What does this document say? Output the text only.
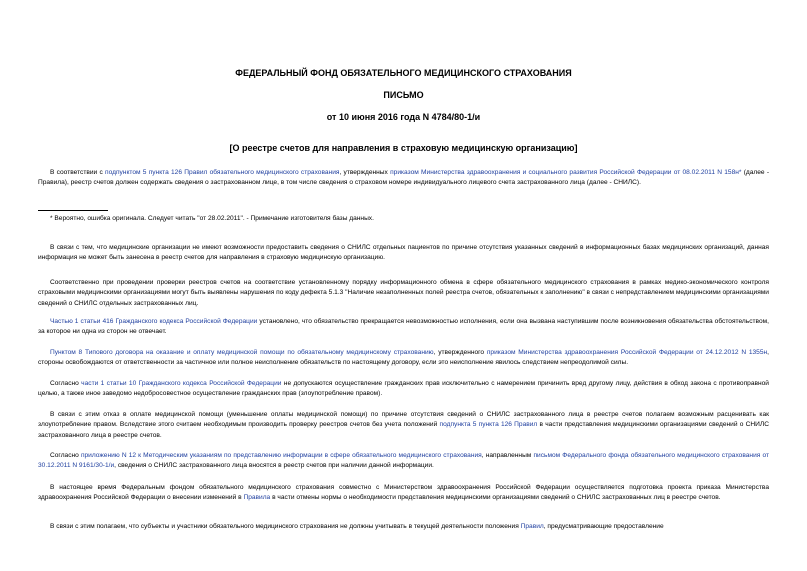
ФЕДЕРАЛЬНЫЙ ФОНД ОБЯЗАТЕЛЬНОГО МЕДИЦИНСКОГО СТРАХОВАНИЯ
ПИСЬМО
от 10 июня 2016 года N 4784/80-1/и
[О реестре счетов для направления в страховую медицинскую организацию]
В соответствии с подпунктом 5 пункта 126 Правил обязательного медицинского страхования, утвержденных приказом Министерства здравоохранения и социального развития Российской Федерации от 08.02.2011 N 158н* (далее - Правила), реестр счетов должен содержать сведения о застрахованном лице, в том числе сведения о страховом номере индивидуального лицевого счета застрахованного лица (далее - СНИЛС).
* Вероятно, ошибка оригинала. Следует читать "от 28.02.2011". - Примечание изготовителя базы данных.
В связи с тем, что медицинские организации не имеют возможности предоставить сведения о СНИЛС отдельных пациентов по причине отсутствия указанных сведений в информационных базах медицинских организаций, данная информация не может быть занесена в реестр счетов для направления в страховую медицинскую организацию.
Соответственно при проведении проверки реестров счетов на соответствие установленному порядку информационного обмена в сфере обязательного медицинского страхования в рамках медико-экономического контроля страховыми медицинскими организациями могут быть выявлены нарушения по коду дефекта 5.1.3 "Наличие незаполненных полей реестра счетов, обязательных к заполнению" в связи с непредставлением медицинскими организациями сведений о СНИЛС отдельных застрахованных лиц.
Частью 1 статьи 416 Гражданского кодекса Российской Федерации установлено, что обязательство прекращается невозможностью исполнения, если она вызвана наступившим после возникновения обязательства обстоятельством, за которое ни одна из сторон не отвечает.
Пунктом 8 Типового договора на оказание и оплату медицинской помощи по обязательному медицинскому страхованию, утвержденного приказом Министерства здравоохранения Российской Федерации от 24.12.2012 N 1355н, стороны освобождаются от ответственности за частичное или полное неисполнение обязательств по настоящему договору, если это неисполнение явилось следствием непреодолимой силы.
Согласно части 1 статьи 10 Гражданского кодекса Российской Федерации не допускаются осуществление гражданских прав исключительно с намерением причинить вред другому лицу, действия в обход закона с противоправной целью, а также иное заведомо недобросовестное осуществление гражданских прав (злоупотребление правом).
В связи с этим отказ в оплате медицинской помощи (уменьшение оплаты медицинской помощи) по причине отсутствия сведений о СНИЛС застрахованного лица в реестре счетов полагаем возможным расценивать как злоупотребление правом. Вследствие этого считаем необходимым производить проверку реестров счетов без учета положений подпункта 5 пункта 126 Правил в части представления медицинскими организациями сведений о СНИЛС застрахованного лица в реестре счетов.
Согласно приложению N 12 к Методическим указаниям по представлению информации в сфере обязательного медицинского страхования, направленным письмом Федерального фонда обязательного медицинского страхования от 30.12.2011 N 9161/30-1/и, сведения о СНИЛС застрахованного лица вносятся в реестр счетов при наличии данной информации.
В настоящее время Федеральным фондом обязательного медицинского страхования совместно с Министерством здравоохранения Российской Федерации осуществляется подготовка проекта приказа Министерства здравоохранения Российской Федерации о внесении изменений в Правила в части отмены нормы о необходимости представления медицинскими организациями сведений о СНИЛС застрахованных лиц в реестре счетов.
В связи с этим полагаем, что субъекты и участники обязательного медицинского страхования не должны учитывать в текущей деятельности положения Правил, предусматривающие предоставление
